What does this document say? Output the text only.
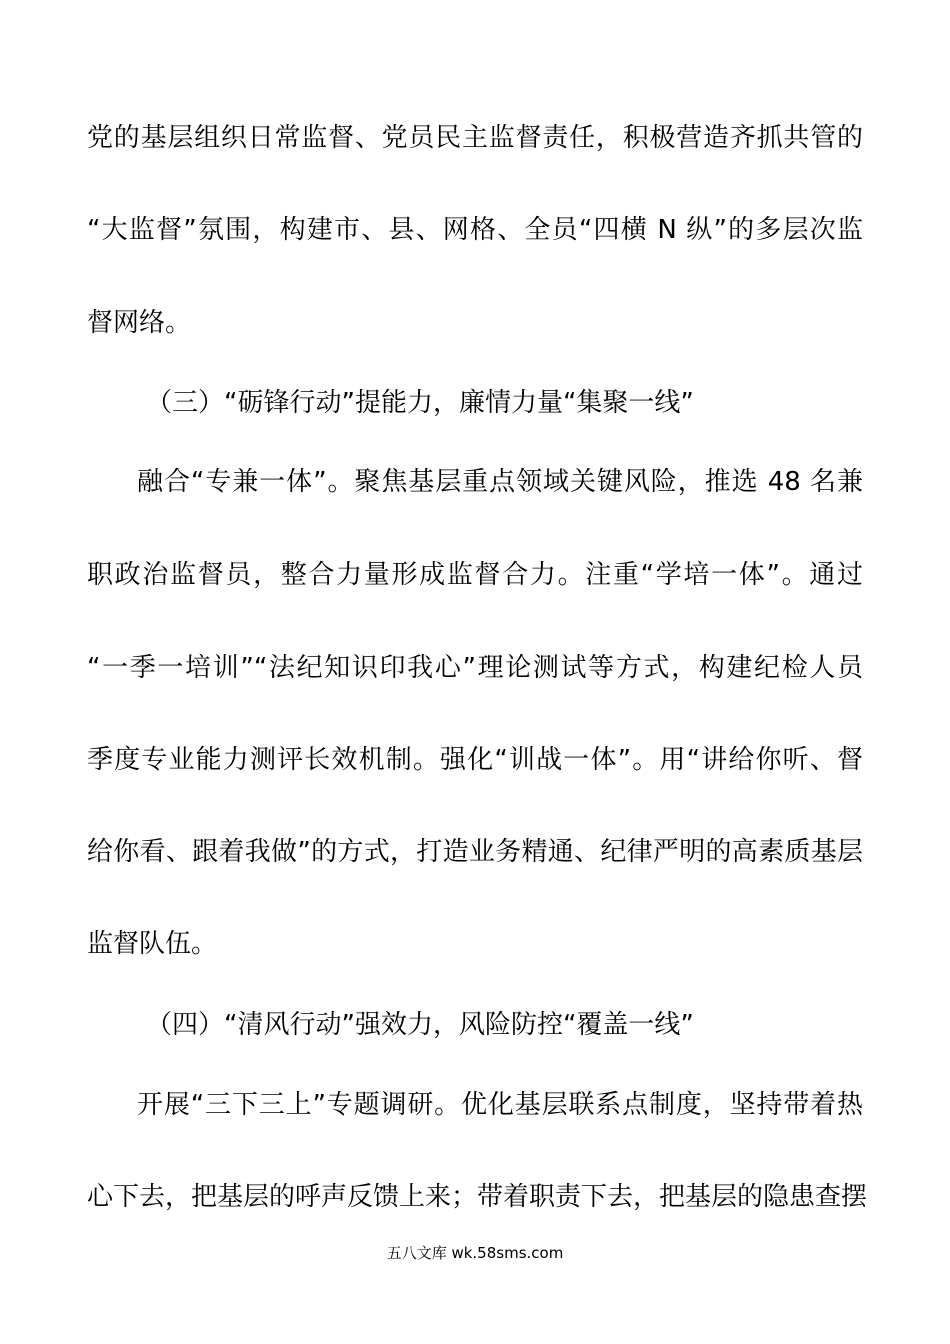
党的基层组织日常监督、党员民主监督责任，积极营造齐抓共管的
“大监督”氛围，构建市、县、网格、全员“四横 N 纵”的多层次监
督网络。
（三）“砺锋行动”提能力，廉情力量“集聚一线”
融合“专兼一体”。聚焦基层重点领域关键风险，推选 48 名兼
职政治监督员，整合力量形成监督合力。注重“学培一体”。通过
“一季一培训”“法纪知识印我心”理论测试等方式，构建纪检人员
季度专业能力测评长效机制。强化“训战一体”。用“讲给你听、督
给你看、跟着我做”的方式，打造业务精通、纪律严明的高素质基层
监督队伍。
（四）“清风行动”强效力，风险防控“覆盖一线”
开展“三下三上”专题调研。优化基层联系点制度，坚持带着热
心下去，把基层的呼声反馈上来；带着职责下去，把基层的隐患查摆
五八文库 wk.58sms.com
